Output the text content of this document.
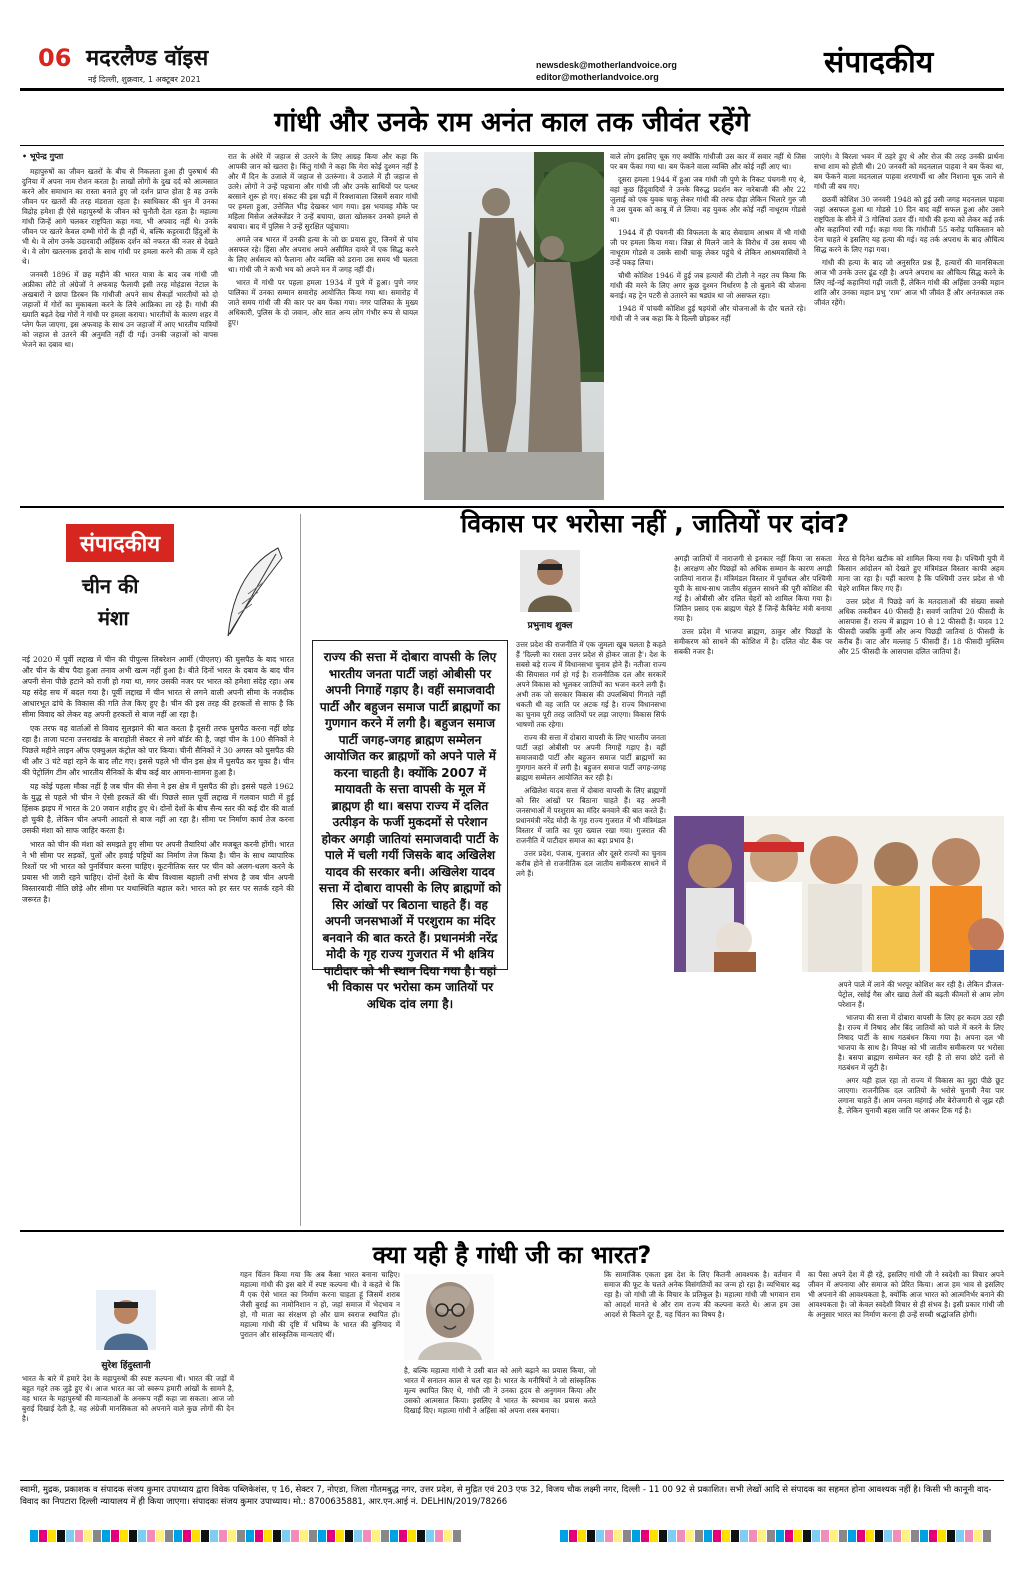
06 मदरलैण्ड वॉइस
नई दिल्ली, शुक्रवार, 1 अक्टूबर 2021
newsdesk@motherlandvoice.org
editor@motherlandvoice.org	संपादकीय
गांधी और उनके राम अनंत काल तक जीवंत रहेंगे

• भूपेन्द्र गुप्ता

महापुरुषों का जीवन खतरों के बीच से निकलता हुआ ही पुरुषार्थ की दुनिया में अपना नाम रोशन करता है। लाखों लोगों के दुख दर्द को आत्मसात करने और समाधान का रास्ता बनाते हुए जो दर्शन प्राप्त होता है वह उनके जीवन पर खतरों की तरह मंडराता रहता है। स्वाधिकार की धुन में उनका विद्रोह हमेशा ही ऐसे महापुरुषों के जीवन को चुनौती देता रहता है। महात्मा गांधी जिन्हें आगे चलकर राष्ट्रपिता कहा गया, भी अपवाद नहीं थे। उनके जीवन पर खतरे केवल दम्भी गोरों के ही नहीं थे, बल्कि कट्टरवादी हिंदुओं के भी थे। वे लोग उनके उदारवादी अहिंसक दर्शन को नफरत की नजर से देखते थे। वे लोग खतरनाक इरादों के साथ गांधी पर हमला करने की ताक में रहते थे।

जनवरी 1896 में छह महीने की भारत यात्रा के बाद जब गांधी जी अफ्रीका लौटे तो अंग्रेजों ने अफवाह फैलायी इसी तरह मोहंडास नेटाल के अखबारों ने छापा डिरबन कि गांधीजी अपने साथ सैकड़ों भारतीयों को दो जहाजों में गोरों का मुकाबला करने के लिये आफ्रिका ला रहे हैं। गांधी की ख्याति बढ़ते देख गोरों ने गांधी पर हमला कराया। भारतीयों के कारण शहर में प्लेग फैल जाएगा, इस अफवाह के साथ उन जहाजों में आए भारतीय यात्रियों को जहाज से उतरने की अनुमति नहीं दी गई। उनकी जहाजों को वापस भेजने का दबाव था।

रात के अंधेरे में जहाज से उतरने के लिए आग्रह किया और कहा कि आपकी जान को खतरा है। किंतु गांधी ने कहा कि मेरा कोई दुश्मन नहीं है और मैं दिन के उजाले में जहाज से उतरूंगा। वे उजाले में ही जहाज से उतरे। लोगों ने उन्हें पहचाना और गांधी जी और उनके साथियों पर पत्थर बरसाने शुरू हो गए। संकट की इस घड़ी में रिक्शावाला जिसमें सवार गांधी पर हमला हुआ, उत्तेजित भीड़ देखकर भाग गया। इस भयावह मौके पर महिला मिसेज अलेक्जेंडर ने उन्हें बचाया, छाता खोलकर उनको हमले से बचाया। बाद में पुलिस ने उन्हें सुरक्षित पहुंचाया।

अगले जब भारत में उनकी हत्या के जो छः प्रयास हुए, जिनमें से पांच असफल रहे। हिंसा और अपराध अपने असीमित दायरे में एक सिद्ध करने के लिए अर्धसत्य को फैलाना और व्यक्ति को डराना उस समय भी चलता था। गांधी जी ने कभी भय को अपने मन में जगह नहीं दी।

भारत में गांधी पर पहला हमला 1934 में पुणे में हुआ। पुणे नगर पालिका में उनका सम्मान समारोह आयोजित किया गया था। समारोह में जाते समय गांधी जी की कार पर बम फेंका गया। नगर पालिका के मुख्य अधिकारी, पुलिस के दो जवान, और सात अन्य लोग गंभीर रूप से घायल हुए।

वाले लोग इसलिए चूक गए क्योंकि गांधीजी उस कार में सवार नहीं थे जिस पर बम फेंका गया था। बम फेंकने वाला व्यक्ति और कोई नहीं आए था।

दूसरा हमला 1944 में हुआ जब गांधी जी पुणे के निकट पंचगनी गए थे, वहां कुछ हिंदूवादियों ने उनके विरुद्ध प्रदर्शन कर नारेबाजी की और 22 जुलाई को एक युवक चाकू लेकर गांधी की तरफ दौड़ा लेकिन भिलारे गुरु जी ने उस युवक को काबू में ले लिया। वह युवक और कोई नहीं नाथूराम गोडसे था।

1944 में ही पंचगनी की विफलता के बाद सेवाग्राम आश्रम में भी गांधी जी पर हमला किया गया। जिन्ना से मिलने जाने के विरोध में उस समय भी नाथूराम गोडसे व उसके साथी चाकू लेकर पहुंचे थे लेकिन आश्रमवासियों ने उन्हें पकड़ लिया।

चौथी कोशिश 1946 में हुई जब हत्यारों की टोली ने नहर तय किया कि गांधी की मरने के लिए अगर कुछ दुश्मन निर्धारण है तो बुलाने की योजना बनाई। वह ट्रेन पटरी से उतारने का षड्यंत्र था जो असफल रहा।

1948 में पांचवी कोशिश हुई षड़यंत्रों और योजनाओं के दौर चलते रहे। गांधी जी ने जब कहा कि वे दिल्ली छोड़कर नहीं

जाएंगे। वे बिरला भवन में ठहरे हुए थे और रोज की तरह उनकी प्रार्थना सभा शाम को होती थी। 20 जनवरी को मदनलाल पाहवा ने बम फेंका था, बम फेंकने वाला मदनलाल पाहवा शरणार्थी था और निशाना चूक जाने से गांधी जी बच गए।

छठवीं कोशिश 30 जनवरी 1948 को हुई उसी जगह मदनलाल पाहवा जहां असफल हुआ था गोडसे 10 दिन बाद वहीं सफल हुआ और उसने राष्ट्रपिता के सीने में 3 गोलियां उतार दीं। गांधी की हत्या को लेकर कई तर्क और कहानियां रची गईं। कहा गया कि गांधीजी 55 करोड़ पाकिस्तान को देना चाहते थे इसलिए यह हत्या की गई। यह तर्क अपराध के बाद औचित्य सिद्ध करने के लिए गढ़ा गया।

गांधी की हत्या के बाद जो अनुसरित प्रश्न हैं, हत्यारों की मानसिकता आज भी उनके उत्तर ढूंढ रही है। अपने अपराध का औचित्य सिद्ध करने के लिए नई-नई कहानियां गढ़ी जाती हैं, लेकिन गांधी की अहिंसा उनकी महान शांति और उनका महान प्रभु ‘राम’ आज भी जीवंत हैं और अनंतकाल तक जीवंत रहेंगे।

संपादकीय
चीन की
मंशा

नई 2020 में पूर्वी लद्दाख में चीन की पीपुल्स लिबरेशन आर्मी (पीएलए) की घुसपैठ के बाद भारत और चीन के बीच पैदा हुआ तनाव अभी खत्म नहीं हुआ है। बीते दिनों भारत के दबाव के बाद चीन अपनी सेना पीछे हटाने को राजी हो गया था, मगर उसकी नजर पर भारत को हमेशा संदेह रहा। अब यह संदेह सच में बदल गया है। पूर्वी लद्दाख में चीन भारत से लगने वाली अपनी सीमा के नजदीक आधारभूत ढांचे के विकास की गति तेज किए हुए है। चीन की इस तरह की हरकतों से साफ है कि सीमा विवाद को लेकर वह अपनी हरकतों से बाज नहीं आ रहा है।

एक तरफ वह वार्ताओं से विवाद सुलझाने की बात करता है दूसरी तरफ घुसपैठ करना नहीं छोड़ रहा है। ताजा घटना उत्तराखंड के बाराहोती सेक्टर से लगे बॉर्डर की है, जहां चीन के 100 सैनिकों ने पिछले महीने लाइन ऑफ एक्चुअल कंट्रोल को पार किया। चीनी सैनिकों ने 30 अगस्त को घुसपैठ की थी और 3 घंटे वहां रहने के बाद लौट गए। इससे पहले भी चीन इस क्षेत्र में घुसपैठ कर चुका है। चीन की पेट्रोलिंग टीम और भारतीय सैनिकों के बीच कई बार आमना-सामना हुआ है।

यह कोई पहला मौका नहीं है जब चीन की सेना ने इस क्षेत्र में घुसपैठ की हो। इससे पहले 1962 के युद्ध से पहले भी चीन ने ऐसी हरकतें की थीं। पिछले साल पूर्वी लद्दाख में गलवान घाटी में हुई हिंसक झड़प में भारत के 20 जवान शहीद हुए थे। दोनों देशों के बीच सैन्य स्तर की कई दौर की वार्ता हो चुकी है, लेकिन चीन अपनी आदतों से बाज नहीं आ रहा है। सीमा पर निर्माण कार्य तेज करना उसकी मंशा को साफ जाहिर करता है।

भारत को चीन की मंशा को समझते हुए सीमा पर अपनी तैयारियां और मजबूत करनी होंगी। भारत ने भी सीमा पर सड़कों, पुलों और हवाई पट्टियों का निर्माण तेज किया है। चीन के साथ व्यापारिक रिश्तों पर भी भारत को पुनर्विचार करना चाहिए। कूटनीतिक स्तर पर चीन को अलग-थलग करने के प्रयास भी जारी रहने चाहिए। दोनों देशों के बीच विश्वास बहाली तभी संभव है जब चीन अपनी विस्तारवादी नीति छोड़े और सीमा पर यथास्थिति बहाल करे। भारत को हर स्तर पर सतर्क रहने की जरूरत है।

विकास पर भरोसा नहीं , जातियों पर दांव?
प्रभुनाथ शुक्ल
राज्य की सत्ता में दोबारा वापसी के लिए भारतीय जनता पार्टी जहां ओबीसी पर अपनी निगाहें गड़ाए है। वहीं समाजवादी पार्टी और बहुजन समाज पार्टी ब्राह्मणों का गुणगान करने में लगी है। बहुजन समाज पार्टी जगह-जगह ब्राह्मण सम्मेलन आयोजित कर ब्राह्मणों को अपने पाले में करना चाहती है। क्योंकि 2007 में मायावती के सत्ता वापसी के मूल में ब्राह्मण ही था। बसपा राज्य में दलित उत्पीड़न के फर्जी मुकदमों से परेशान होकर अगड़ी जातियां समाजवादी पार्टी के पाले में चली गयीं जिसके बाद अखिलेश यादव की सरकार बनी। अखिलेश यादव सत्ता में दोबारा वापसी के लिए ब्राह्मणों को सिर आंखों पर बिठाना चाहते हैं। वह अपनी जनसभाओं में परशुराम का मंदिर बनवाने की बात करते हैं। प्रधानमंत्री नरेंद्र मोदी के गृह राज्य गुजरात में भी क्षत्रिय पाटीदार को भी स्थान दिया गया है। यहां भी विकास पर भरोसा कम जातियों पर अधिक दांव लगा है।

उत्तर प्रदेश की राजनीति में एक जुमला खूब चलता है कहते हैं 'दिल्ली का रास्ता उत्तर प्रदेश से होकर जाता है'। देश के सबसे बड़े राज्य में विधानसभा चुनाव होने हैं। नतीजा राज्य की सियासत गर्म हो गई है। राजनीतिक दल और सरकारें अपने विकास को भूलकर जातियों का भजन करने लगी हैं। अभी तक जो सरकार विकास की उपलब्धियां गिनाते नहीं थकती थी वह जाति पर अटक गई है। राज्य विधानसभा का चुनाव पूरी तरह जातियों पर लड़ा जाएगा। विकास सिर्फ भाषणों तक रहेगा।

राज्य की सत्ता में दोबारा वापसी के लिए भारतीय जनता पार्टी जहां ओबीसी पर अपनी निगाहें गड़ाए है। वहीं समाजवादी पार्टी और बहुजन समाज पार्टी ब्राह्मणों का गुणगान करने में लगी है। बहुजन समाज पार्टी जगह-जगह ब्राह्मण सम्मेलन आयोजित कर रही है।

अखिलेश यादव सत्ता में दोबारा वापसी के लिए ब्राह्मणों को सिर आंखों पर बिठाना चाहते हैं। वह अपनी जनसभाओं में परशुराम का मंदिर बनवाने की बात करते हैं। प्रधानमंत्री नरेंद्र मोदी के गृह राज्य गुजरात में भी मंत्रिमंडल विस्तार में जाति का पूरा ख्याल रखा गया। गुजरात की राजनीति में पाटीदार समाज का बड़ा प्रभाव है।

उत्तर प्रदेश, पंजाब, गुजरात और दूसरे राज्यों का चुनाव करीब होने से राजनीतिक दल जातीय समीकरण साधने में लगे हैं।

अगड़ी जातियों में नाराजगी से इनकार नहीं किया जा सकता है। आरक्षण और पिछड़ों को अधिक सम्मान के कारण अगड़ी जातियां नाराज हैं। मंत्रिमंडल विस्तार में पूर्वांचल और पश्चिमी यूपी के साथ-साथ जातीय संतुलन साधने की पूरी कोशिश की गई है। ओबीसी और दलित चेहरों को शामिल किया गया है। जितिन प्रसाद एक ब्राह्मण चेहरे हैं जिन्हें कैबिनेट मंत्री बनाया गया है।

उत्तर प्रदेश में भाजपा ब्राह्मण, ठाकुर और पिछड़ों के समीकरण को साधने की कोशिश में है। दलित वोट बैंक पर सबकी नजर है।

मेरठ से दिनेश खटीक को शामिल किया गया है। पश्चिमी यूपी में किसान आंदोलन को देखते हुए मंत्रिमंडल विस्तार काफी अहम माना जा रहा है। यहीं कारण है कि पश्चिमी उत्तर प्रदेश से भी चेहरे शामिल किए गए हैं।

उत्तर प्रदेश में पिछड़े वर्ग के मतदाताओं की संख्या सबसे अधिक तकरीबन 40 फीसदी है। सवर्ण जातियां 20 फीसदी के आसपास हैं। राज्य में ब्राह्मण 10 से 12 फीसदी हैं। यादव 12 फीसदी जबकि कुर्मी और अन्य पिछड़ी जातियां 8 फीसदी के करीब हैं। जाट और मल्लाह 5 फीसदी हैं। 18 फीसदी मुस्लिम और 25 फीसदी के आसपास दलित जातियां हैं।

अपने पाले में लाने की भरपूर कोशिश कर रही है। लेकिन डीजल-पेट्रोल, रसोई गैस और खाद्य तेलों की बढ़ती कीमतों से आम लोग परेशान हैं।

भाजपा की सत्ता में दोबारा वापसी के लिए हर कदम उठा रही है। राज्य में निषाद और बिंद जातियों को पाले में करने के लिए निषाद पार्टी के साथ गठबंधन किया गया है। अपना दल भी भाजपा के साथ है। विपक्ष को भी जातीय समीकरण पर भरोसा है। बसपा ब्राह्मण सम्मेलन कर रही है तो सपा छोटे दलों से गठबंधन में जुटी है।

अगर यही हाल रहा तो राज्य में विकास का मुद्दा पीछे छूट जाएगा। राजनीतिक दल जातियों के भरोसे चुनावी नैया पार लगाना चाहते हैं। आम जनता महंगाई और बेरोजगारी से जूझ रही है, लेकिन चुनावी बहस जाति पर आकर टिक गई है।

क्या यही है गांधी जी का भारत?
सुरेश हिंदुस्तानी

भारत के बारे में हमारे देश के महापुरुषों की स्पष्ट कल्पना थी। भारत की जड़ों में बहुत गहरे तक जुड़े हुए थे। आज भारत का जो स्वरूप हमारी आंखों के सामने है, वह भारत के महापुरुषों की मान्यताओं के अनरूप नहीं कहा जा सकता। आज जो बुराई दिखाई देती है, वह अंग्रेजी मानसिकता को अपनाने वाले कुछ लोगों की देन है।

गहन चिंतन किया गया कि अब कैसा भारत बनाना चाहिए। महात्मा गांधी की इस बारे में स्पष्ट कल्पना थी। वे कहते थे कि मैं एक ऐसे भारत का निर्माण करना चाहता हूं जिसमें शराब जैसी बुराई का नामोनिशान न हो, जहां समाज में भेदभाव न हो, गौ माता का संरक्षण हो और ग्राम स्वराज स्थापित हो। महात्मा गांधी की दृष्टि में भविष्य के भारत की बुनियाद में पुरातन और सांस्कृतिक मान्यताएं थीं।

है, बल्कि महात्मा गांधी ने उसी बात को आगे बढ़ाने का प्रयास किया, जो भारत में सनातन काल से चल रहा है। भारत के मनीषियों ने जो सांस्कृतिक मूल्य स्थापित किए थे, गांधी जी ने उनका हृदय से अनुगमन किया और उसको आत्मसात किया। इसलिए वे भारत के स्वभाव का प्रयास करते दिखाई दिए। महात्मा गांधी ने अहिंसा को अपना शस्त्र बनाया।

कि सामाजिक एकता इस देश के लिए कितनी आवश्यक है। वर्तमान में समाज की फूट के चलते अनेक विसंगतियों का जन्म हो रहा है। व्यभिचार बढ़ रहा है। जो गांधी जी के विचार के प्रतिकूल है। महात्मा गांधी जी भगवान राम को आदर्श मानते थे और राम राज्य की कल्पना करते थे। आज हम उस आदर्श से कितने दूर हैं, यह चिंतन का विषय है।

का पैसा अपने देश में ही रहे, इसलिए गांधी जी ने स्वदेशी का विचार अपने जीवन में अपनाया और समाज को प्रेरित किया। आज हम भाव से इसलिए भी अपनाने की आवश्यकता है, क्योंकि आज भारत को आत्मनिर्भर बनाने की आवश्यकता है। जो केवल स्वदेशी विचार से ही संभव है। इसी प्रकार गांधी जी के अनुसार भारत का निर्माण करना ही उन्हें सच्ची श्रद्धांजलि होगी।

स्वामी, मुद्रक, प्रकाशक व संपादक संजय कुमार उपाध्याय द्वारा विवेक पब्लिकेशंस, ए 16, सेक्टर 7, नोएडा, जिला गौतमबुद्ध नगर, उत्तर प्रदेश, से मुद्रित एवं 203 एफ 32, विजय चौक लक्ष्मी नगर, दिल्ली - 11 00 92 से प्रकाशित। सभी लेखों आदि से संपादक का सहमत होना आवश्यक नहीं है। किसी भी कानूनी वाद-विवाद का निपटारा दिल्ली न्यायालय में ही किया जाएगा। संपादकः संजय कुमार उपाध्याय। मो.: 8700635881, आर.एन.आई नं. DELHIN/2019/78266
